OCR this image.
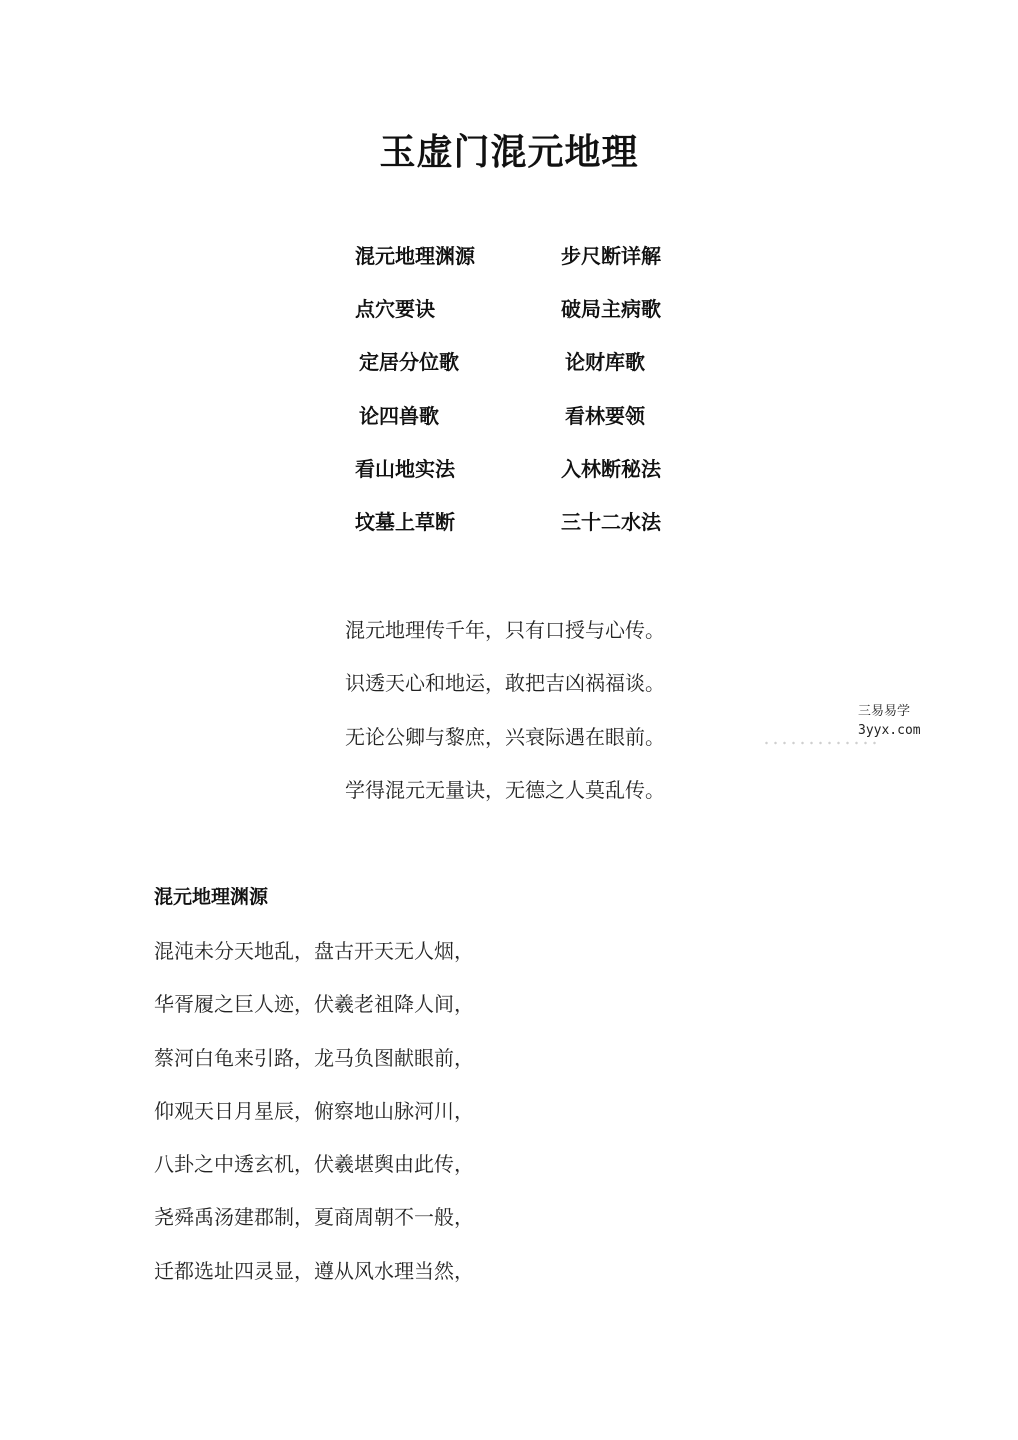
玉虚门混元地理
混元地理渊源	步尺断详解
点穴要诀	破局主病歌
定居分位歌	论财库歌
论四兽歌	看林要领
看山地实法	入林断秘法
坟墓上草断	三十二水法
混元地理传千年，只有口授与心传。
识透天心和地运，敢把吉凶祸福谈。
无论公卿与黎庶，兴衰际遇在眼前。
学得混元无量诀，无德之人莫乱传。
三易易学
3yyx.com
混元地理渊源
混沌未分天地乱，盘古开天无人烟，
华胥履之巨人迹，伏羲老祖降人间，
蔡河白龟来引路，龙马负图献眼前，
仰观天日月星辰，俯察地山脉河川，
八卦之中透玄机，伏羲堪舆由此传，
尧舜禹汤建郡制，夏商周朝不一般，
迁都选址四灵显，遵从风水理当然，
